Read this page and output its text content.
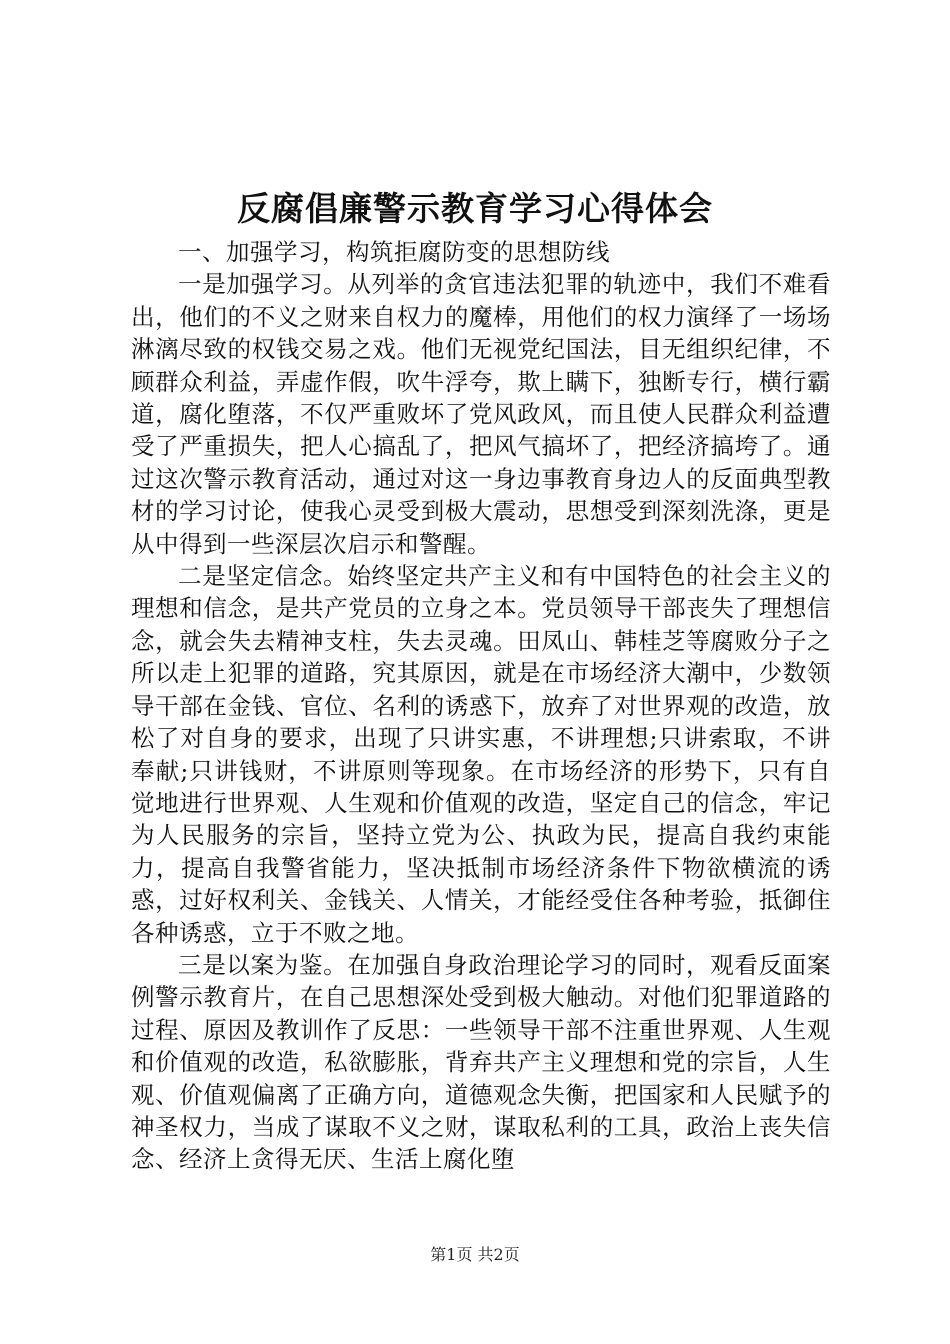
反腐倡廉警示教育学习心得体会

一、加强学习，构筑拒腐防变的思想防线

一是加强学习。从列举的贪官违法犯罪的轨迹中，我们不难看出，他们的不义之财来自权力的魔棒，用他们的权力演绎了一场场淋漓尽致的权钱交易之戏。他们无视党纪国法，目无组织纪律，不顾群众利益，弄虚作假，吹牛浮夸，欺上瞒下，独断专行，横行霸道，腐化堕落，不仅严重败坏了党风政风，而且使人民群众利益遭受了严重损失，把人心搞乱了，把风气搞坏了，把经济搞垮了。通过这次警示教育活动，通过对这一身边事教育身边人的反面典型教材的学习讨论，使我心灵受到极大震动，思想受到深刻洗涤，更是从中得到一些深层次启示和警醒。

二是坚定信念。始终坚定共产主义和有中国特色的社会主义的理想和信念，是共产党员的立身之本。党员领导干部丧失了理想信念，就会失去精神支柱，失去灵魂。田凤山、韩桂芝等腐败分子之所以走上犯罪的道路，究其原因，就是在市场经济大潮中，少数领导干部在金钱、官位、名利的诱惑下，放弃了对世界观的改造，放松了对自身的要求，出现了只讲实惠，不讲理想;只讲索取，不讲奉献;只讲钱财，不讲原则等现象。在市场经济的形势下，只有自觉地进行世界观、人生观和价值观的改造，坚定自己的信念，牢记为人民服务的宗旨，坚持立党为公、执政为民，提高自我约束能力，提高自我警省能力，坚决抵制市场经济条件下物欲横流的诱惑，过好权利关、金钱关、人情关，才能经受住各种考验，抵御住各种诱惑，立于不败之地。

三是以案为鉴。在加强自身政治理论学习的同时，观看反面案例警示教育片，在自己思想深处受到极大触动。对他们犯罪道路的过程、原因及教训作了反思：一些领导干部不注重世界观、人生观和价值观的改造，私欲膨胀，背弃共产主义理想和党的宗旨，人生观、价值观偏离了正确方向，道德观念失衡，把国家和人民赋予的神圣权力，当成了谋取不义之财，谋取私利的工具，政治上丧失信念、经济上贪得无厌、生活上腐化堕

第1页 共2页
